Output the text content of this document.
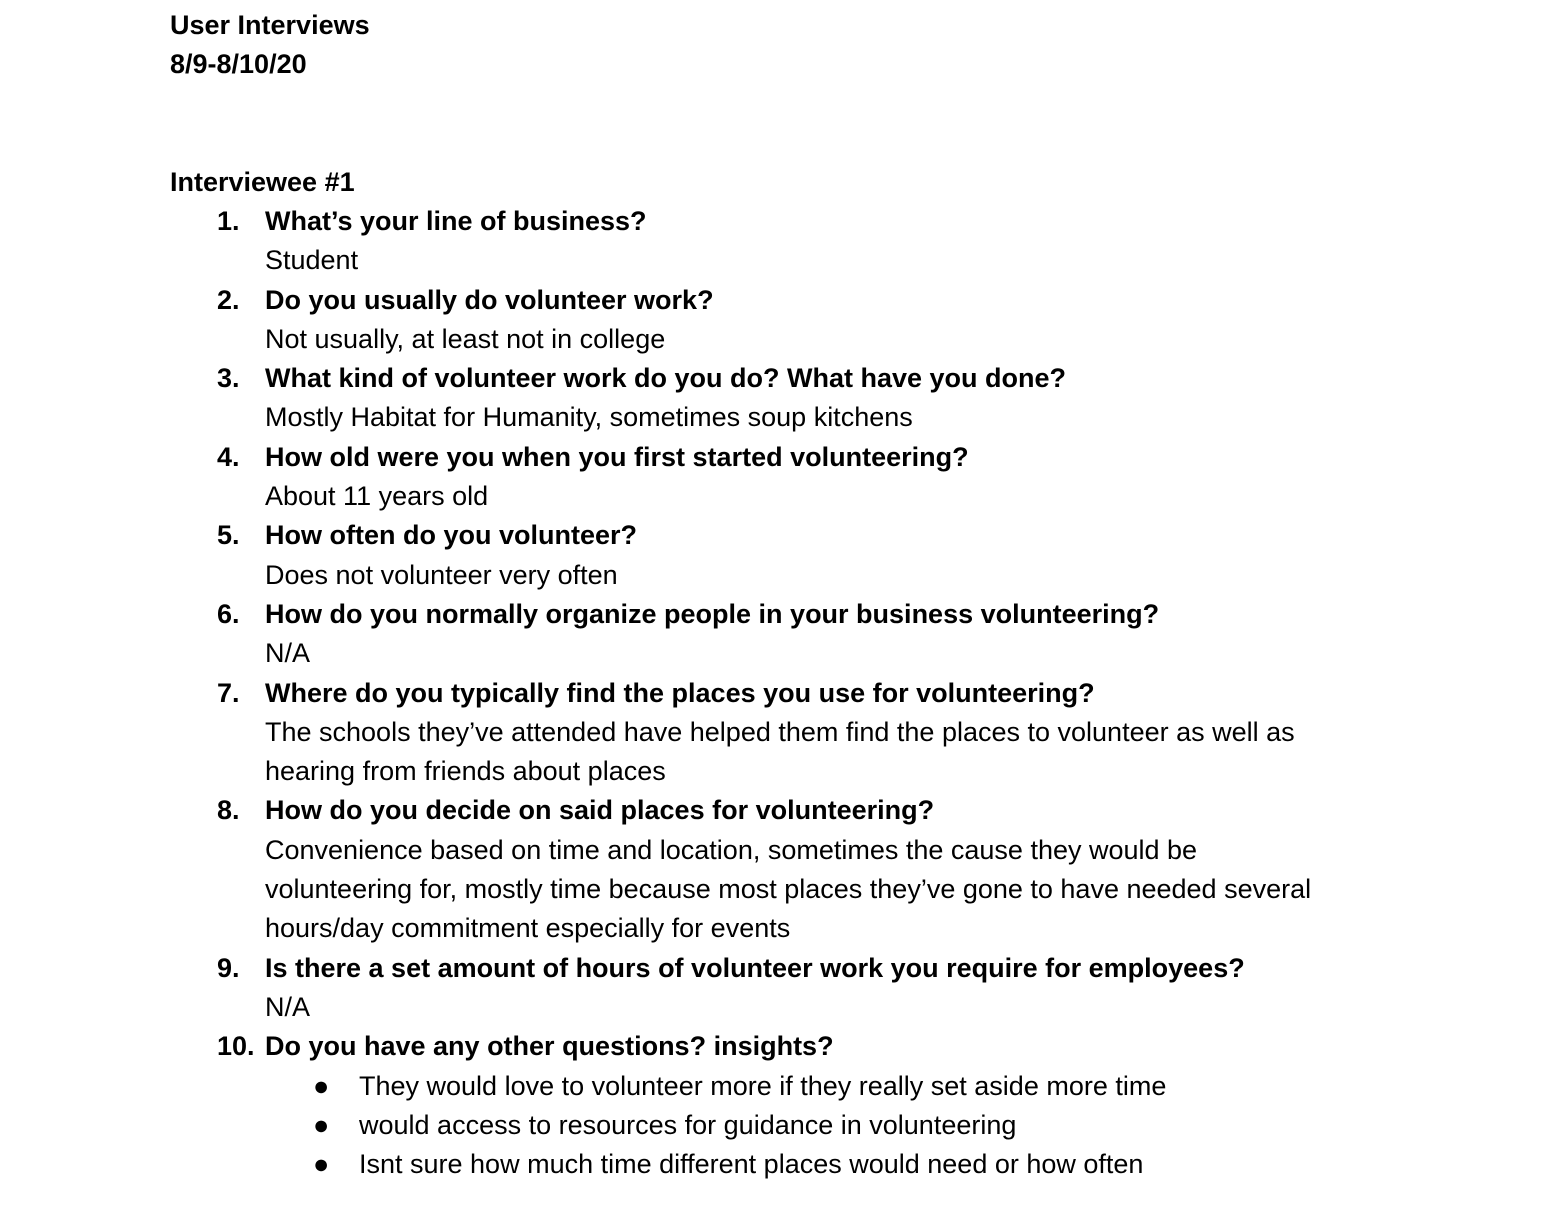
User Interviews
8/9-8/10/20
Interviewee #1
1. What’s your line of business?
Student
2. Do you usually do volunteer work?
Not usually, at least not in college
3. What kind of volunteer work do you do? What have you done?
Mostly Habitat for Humanity, sometimes soup kitchens
4. How old were you when you first started volunteering?
About 11 years old
5. How often do you volunteer?
Does not volunteer very often
6. How do you normally organize people in your business volunteering?
N/A
7. Where do you typically find the places you use for volunteering?
The schools they’ve attended have helped them find the places to volunteer as well as
hearing from friends about places
8. How do you decide on said places for volunteering?
Convenience based on time and location, sometimes the cause they would be
volunteering for, mostly time because most places they’ve gone to have needed several
hours/day commitment especially for events
9. Is there a set amount of hours of volunteer work you require for employees?
N/A
10. Do you have any other questions? insights?
● They would love to volunteer more if they really set aside more time
● would access to resources for guidance in volunteering
● Isnt sure how much time different places would need or how often
